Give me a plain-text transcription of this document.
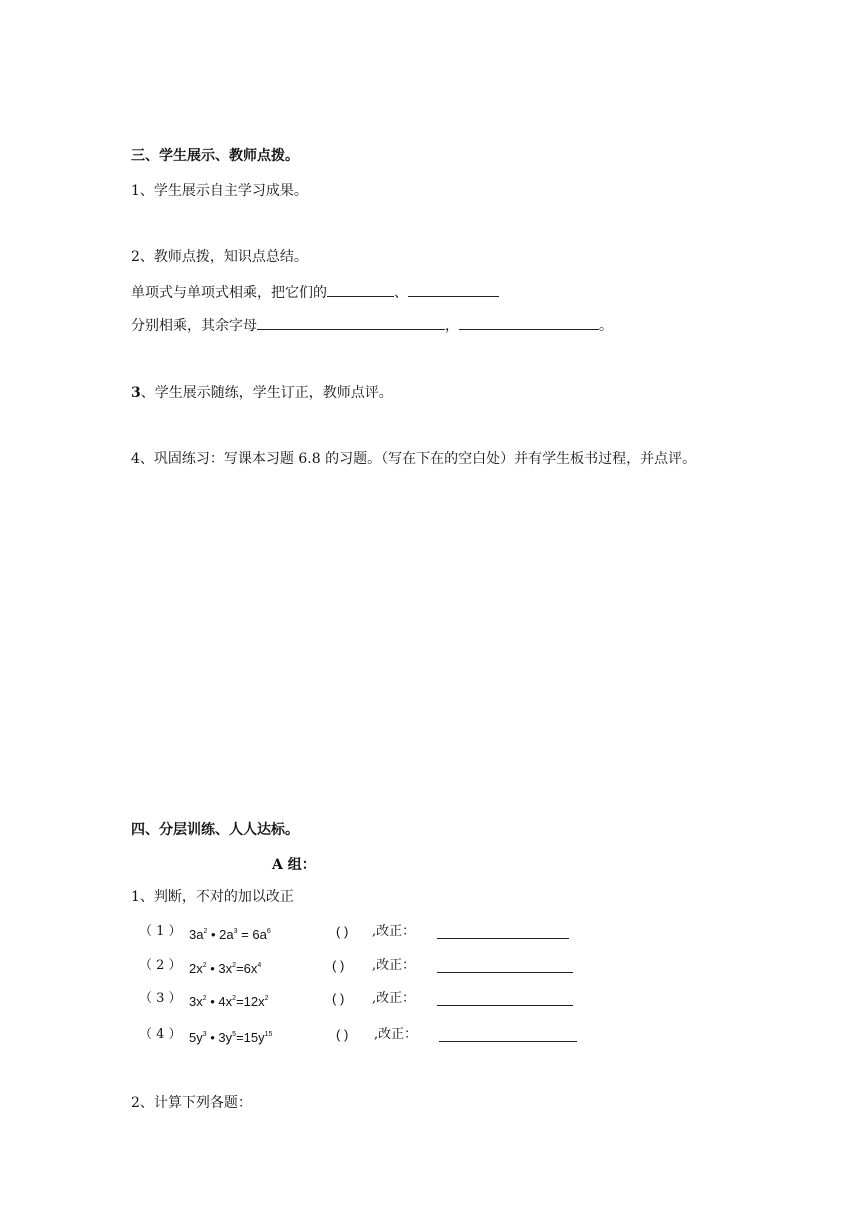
三、学生展示、教师点拨。
1、学生展示自主学习成果。
2、教师点拨，知识点总结。
单项式与单项式相乘，把它们的	、
分别相乘，其余字母	，	。
3、学生展示随练，学生订正，教师点评。
4、巩固练习：写课本习题 6.8 的习题。（写在下在的空白处）并有学生板书过程，并点评。
四、分层训练、人人达标。
A 组：
1、判断，不对的加以改正
（ 1 ） $3a^2$ • $2a^3 = 6a^6$	( ) ,改正：
（ 2 ） $2x^2$ • $3x^2=6x^4$	( ) ,改正：
（ 3 ） $3x^2$ • $4x^2=12x^2$	( ) ,改正：
（ 4 ） $5y^3$ • $3y^5=15y^{15}$	( ) ,改正：
2、计算下列各题：
